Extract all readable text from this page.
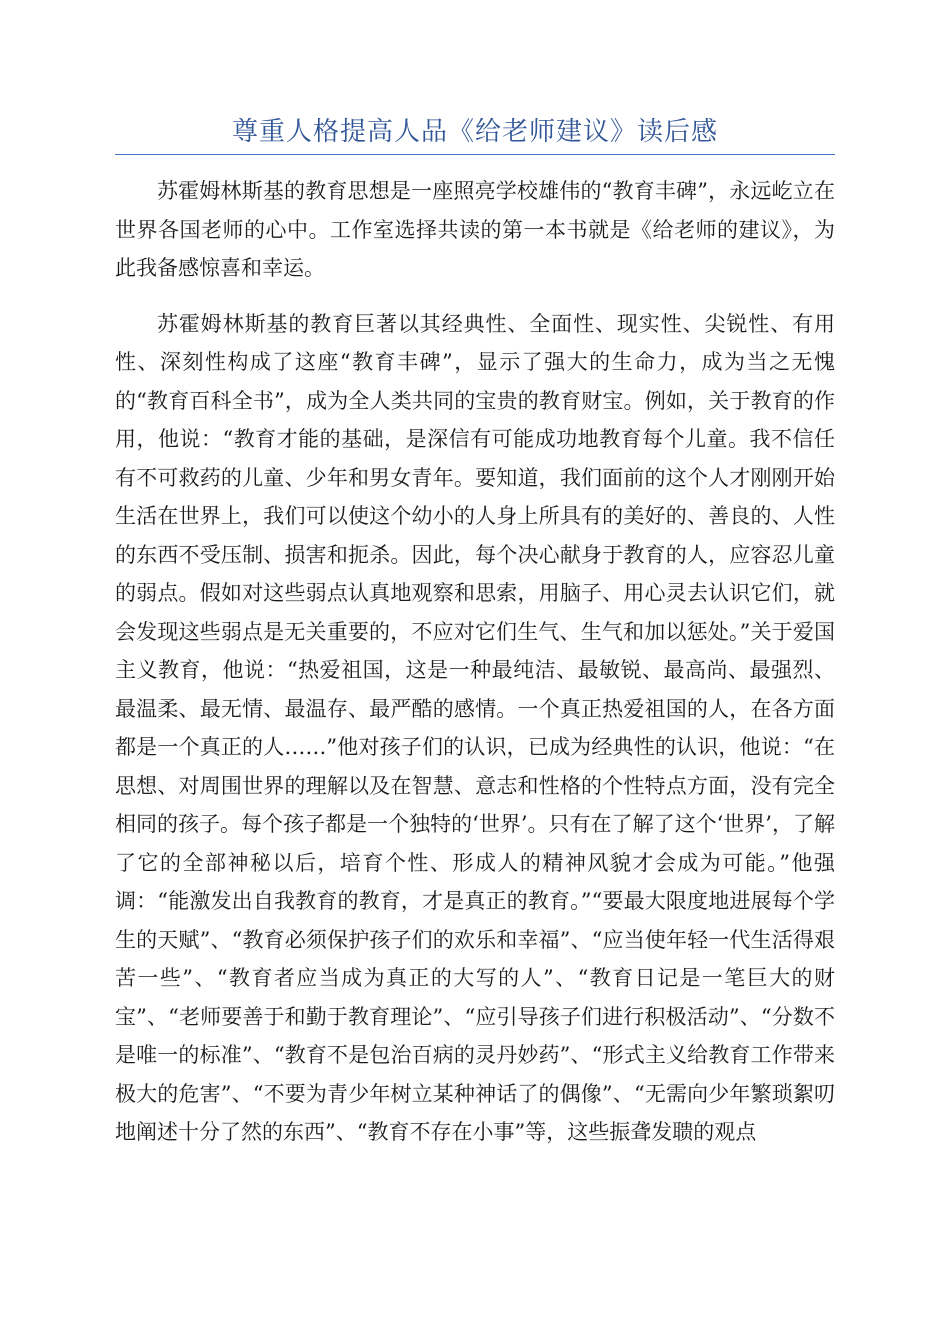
尊重人格提高人品《给老师建议》读后感

苏霍姆林斯基的教育思想是一座照亮学校雄伟的“教育丰碑”，永远屹立在世界各国老师的心中。工作室选择共读的第一本书就是《给老师的建议》，为此我备感惊喜和幸运。

苏霍姆林斯基的教育巨著以其经典性、全面性、现实性、尖锐性、有用性、深刻性构成了这座“教育丰碑”，显示了强大的生命力，成为当之无愧的“教育百科全书”，成为全人类共同的宝贵的教育财宝。例如，关于教育的作用，他说：“教育才能的基础，是深信有可能成功地教育每个儿童。我不信任有不可救药的儿童、少年和男女青年。要知道，我们面前的这个人才刚刚开始生活在世界上，我们可以使这个幼小的人身上所具有的美好的、善良的、人性的东西不受压制、损害和扼杀。因此，每个决心献身于教育的人，应容忍儿童的弱点。假如对这些弱点认真地观察和思索，用脑子、用心灵去认识它们，就会发现这些弱点是无关重要的，不应对它们生气、生气和加以惩处。”关于爱国主义教育，他说：“热爱祖国，这是一种最纯洁、最敏锐、最高尚、最强烈、最温柔、最无情、最温存、最严酷的感情。一个真正热爱祖国的人，在各方面都是一个真正的人……”他对孩子们的认识，已成为经典性的认识，他说：“在思想、对周围世界的理解以及在智慧、意志和性格的个性特点方面，没有完全相同的孩子。每个孩子都是一个独特的‘世界’。只有在了解了这个‘世界’，了解了它的全部神秘以后，培育个性、形成人的精神风貌才会成为可能。”他强调：“能激发出自我教育的教育，才是真正的教育。”“要最大限度地进展每个学生的天赋”、“教育必须保护孩子们的欢乐和幸福”、“应当使年轻一代生活得艰苦一些”、“教育者应当成为真正的大写的人”、“教育日记是一笔巨大的财宝”、“老师要善于和勤于教育理论”、“应引导孩子们进行积极活动”、“分数不是唯一的标准”、“教育不是包治百病的灵丹妙药”、“形式主义给教育工作带来极大的危害”、“不要为青少年树立某种神话了的偶像”、“无需向少年繁琐絮叨地阐述十分了然的东西”、“教育不存在小事”等，这些振聋发聩的观点
